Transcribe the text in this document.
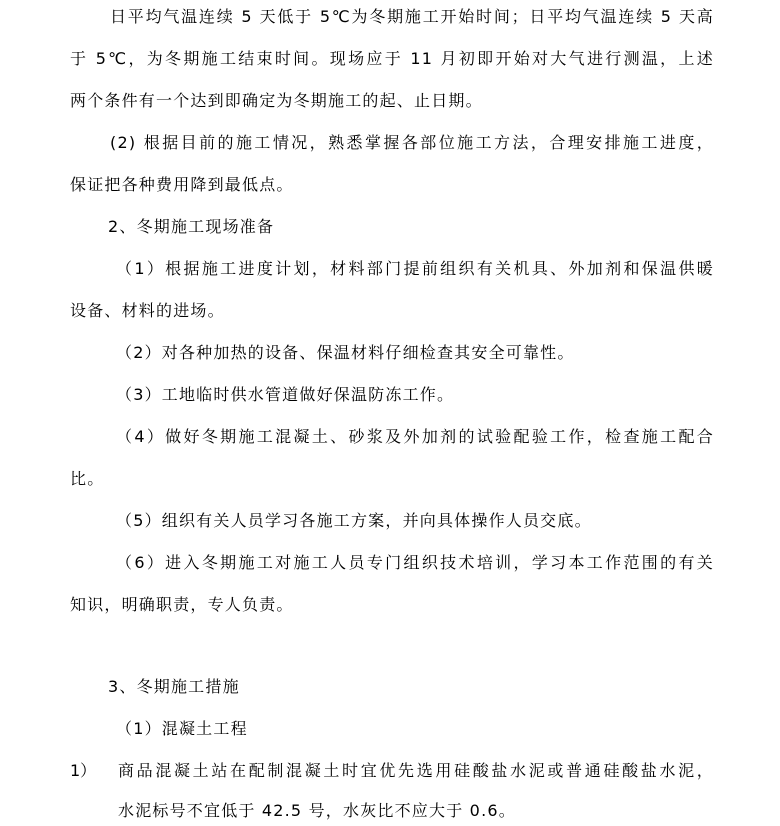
日平均气温连续 5 天低于 5℃为冬期施工开始时间；日平均气温连续 5 天高
于 5℃，为冬期施工结束时间。现场应于 11 月初即开始对大气进行测温，上述
两个条件有一个达到即确定为冬期施工的起、止日期。
(2) 根据目前的施工情况，熟悉掌握各部位施工方法，合理安排施工进度，
保证把各种费用降到最低点。
2、冬期施工现场准备
（1）根据施工进度计划，材料部门提前组织有关机具、外加剂和保温供暖
设备、材料的进场。
（2）对各种加热的设备、保温材料仔细检查其安全可靠性。
（3）工地临时供水管道做好保温防冻工作。
（4）做好冬期施工混凝土、砂浆及外加剂的试验配验工作，检查施工配合
比。
（5）组织有关人员学习各施工方案，并向具体操作人员交底。
（6）进入冬期施工对施工人员专门组织技术培训，学习本工作范围的有关
知识，明确职责，专人负责。
3、冬期施工措施
（1）混凝土工程
1） 商品混凝土站在配制混凝土时宜优先选用硅酸盐水泥或普通硅酸盐水泥，
水泥标号不宜低于 42.5 号，水灰比不应大于 0.6。
